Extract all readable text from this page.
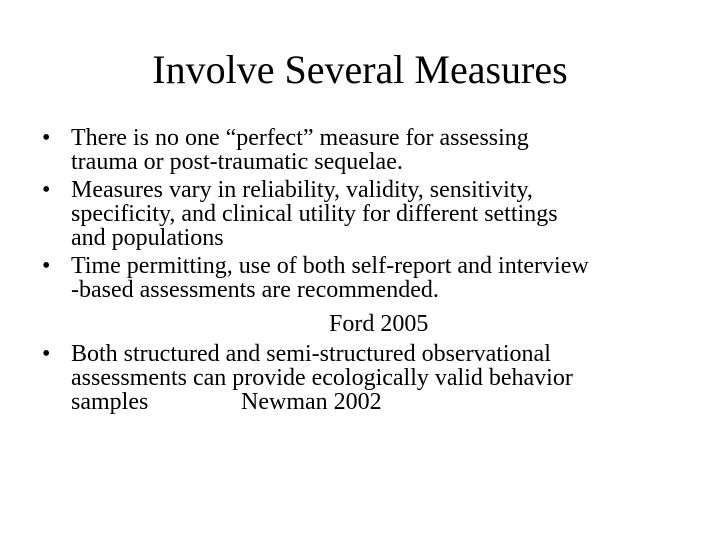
Involve Several Measures
• There is no one “perfect” measure for assessing
trauma or post-traumatic sequelae.
• Measures vary in reliability, validity, sensitivity,
specificity, and clinical utility for different settings
and populations
• Time permitting, use of both self-report and interview
-based assessments are recommended.
Ford 2005
• Both structured and semi-structured observational
assessments can provide ecologically valid behavior
samples	Newman 2002
